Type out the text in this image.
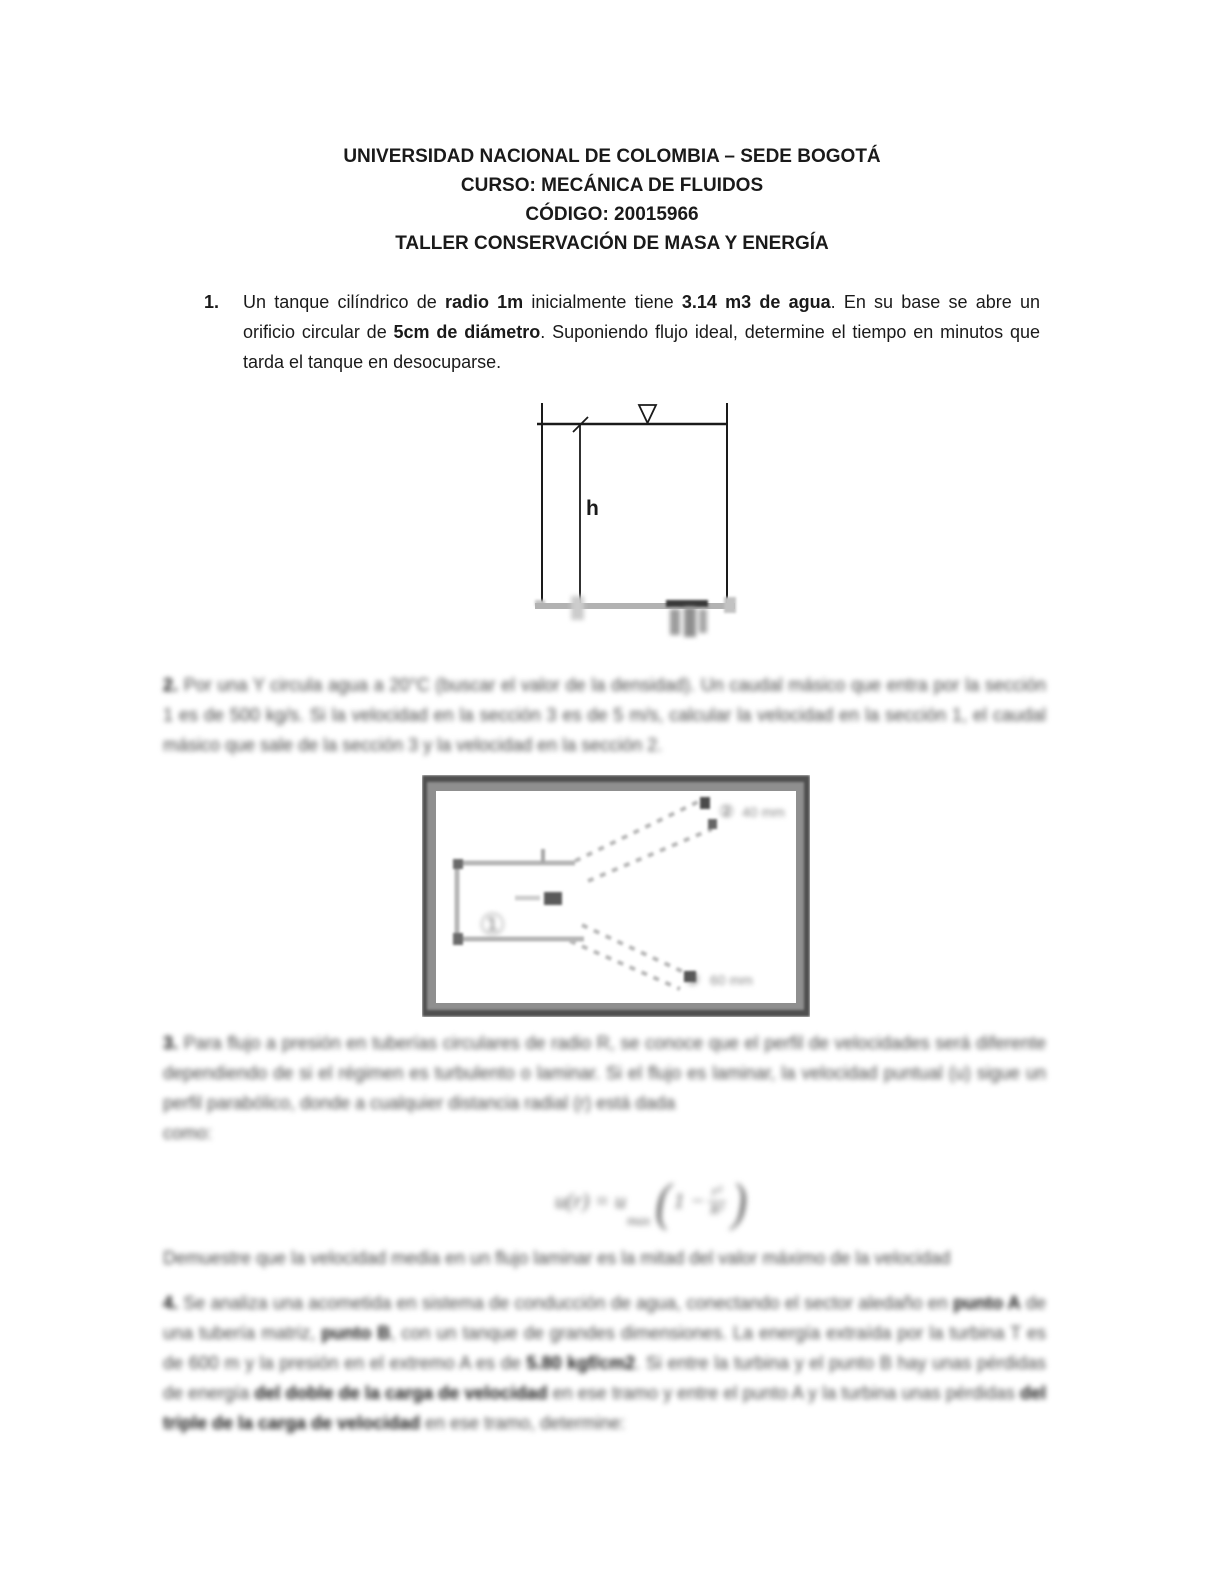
UNIVERSIDAD NACIONAL DE COLOMBIA – SEDE BOGOTÁ
CURSO: MECÁNICA DE FLUIDOS
CÓDIGO: 20015966
TALLER CONSERVACIÓN DE MASA Y ENERGÍA
1.	Un tanque cilíndrico de radio 1m inicialmente tiene 3.14 m3 de agua. En su base se abre un orificio circular de 5cm de diámetro. Suponiendo flujo ideal, determine el tiempo en minutos que tarda el tanque en desocuparse.
h

2. Por una Y circula agua a 20°C (buscar el valor de la densidad). Un caudal másico que entra por la sección 1 es de 500 kg/s. Si la velocidad en la sección 3 es de 5 m/s, calcular la velocidad en la sección 1, el caudal másico que sale de la sección 3 y la velocidad en la sección 2.

①
② 40 mm
③ 60 mm

3. Para flujo a presión en tuberías circulares de radio R, se conoce que el perfil de velocidades será diferente dependiendo de si el régimen es turbulento o laminar. Si el flujo es laminar, la velocidad puntual (u) sigue un perfil parabólico, donde a cualquier distancia radial (r) está dada
como:

u(r) = u
max ( $1 - \frac{\text{r²}}{\text{R²}}$ )

Demuestre que la velocidad media en un flujo laminar es la mitad del valor máximo de la velocidad

4. Se analiza una acometida en sistema de conducción de agua, conectando el sector aledaño en punto A de una tubería matriz, punto B, con un tanque de grandes dimensiones. La energía extraída por la turbina T es de 600 m y la presión en el extremo A es de 5.80 kgf/cm2. Si entre la turbina y el punto B hay unas pérdidas de energía del doble de la carga de velocidad en ese tramo y entre el punto A y la turbina unas pérdidas del triple de la carga de velocidad en ese tramo, determine:
